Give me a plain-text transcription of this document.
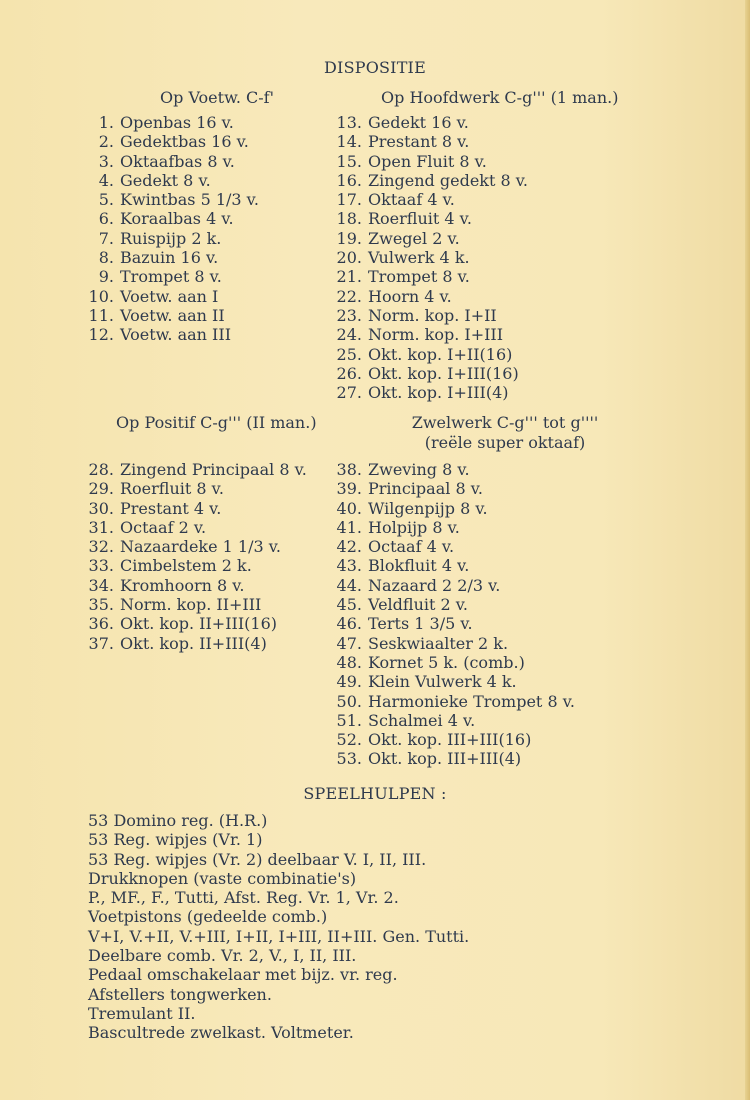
DISPOSITIE
Op Voetw. C-f'
1. Openbas 16 v.
2. Gedektbas 16 v.
3. Oktaafbas 8 v.
4. Gedekt 8 v.
5. Kwintbas 5 1/3 v.
6. Koraalbas 4 v.
7. Ruispijp 2 k.
8. Bazuin 16 v.
9. Trompet 8 v.
10. Voetw. aan I
11. Voetw. aan II
12. Voetw. aan III
Op Hoofdwerk C-g''' (1 man.)
13. Gedekt 16 v.
14. Prestant 8 v.
15. Open Fluit 8 v.
16. Zingend gedekt 8 v.
17. Oktaaf 4 v.
18. Roerfluit 4 v.
19. Zwegel 2 v.
20. Vulwerk 4 k.
21. Trompet 8 v.
22. Hoorn 4 v.
23. Norm. kop. I+II
24. Norm. kop. I+III
25. Okt. kop. I+II(16)
26. Okt. kop. I+III(16)
27. Okt. kop. I+III(4)
Op Positif C-g''' (II man.)
28. Zingend Principaal 8 v.
29. Roerfluit 8 v.
30. Prestant 4 v.
31. Octaaf 2 v.
32. Nazaardeke 1 1/3 v.
33. Cimbelstem 2 k.
34. Kromhoorn 8 v.
35. Norm. kop. II+III
36. Okt. kop. II+III(16)
37. Okt. kop. II+III(4)
Zwelwerk C-g''' tot g''''
(reële super oktaaf)
38. Zweving 8 v.
39. Principaal 8 v.
40. Wilgenpijp 8 v.
41. Holpijp 8 v.
42. Octaaf 4 v.
43. Blokfluit 4 v.
44. Nazaard 2 2/3 v.
45. Veldfluit 2 v.
46. Terts 1 3/5 v.
47. Seskwiaalter 2 k.
48. Kornet 5 k. (comb.)
49. Klein Vulwerk 4 k.
50. Harmonieke Trompet 8 v.
51. Schalmei 4 v.
52. Okt. kop. III+III(16)
53. Okt. kop. III+III(4)
SPEELHULPEN :
53 Domino reg. (H.R.)
53 Reg. wipjes (Vr. 1)
53 Reg. wipjes (Vr. 2) deelbaar V. I, II, III.
Drukknopen (vaste combinatie's)
P., MF., F., Tutti, Afst. Reg. Vr. 1, Vr. 2.
Voetpistons (gedeelde comb.)
V+I, V.+II, V.+III, I+II, I+III, II+III. Gen. Tutti.
Deelbare comb. Vr. 2, V., I, II, III.
Pedaal omschakelaar met bijz. vr. reg.
Afstellers tongwerken.
Tremulant II.
Bascultrede zwelkast. Voltmeter.
